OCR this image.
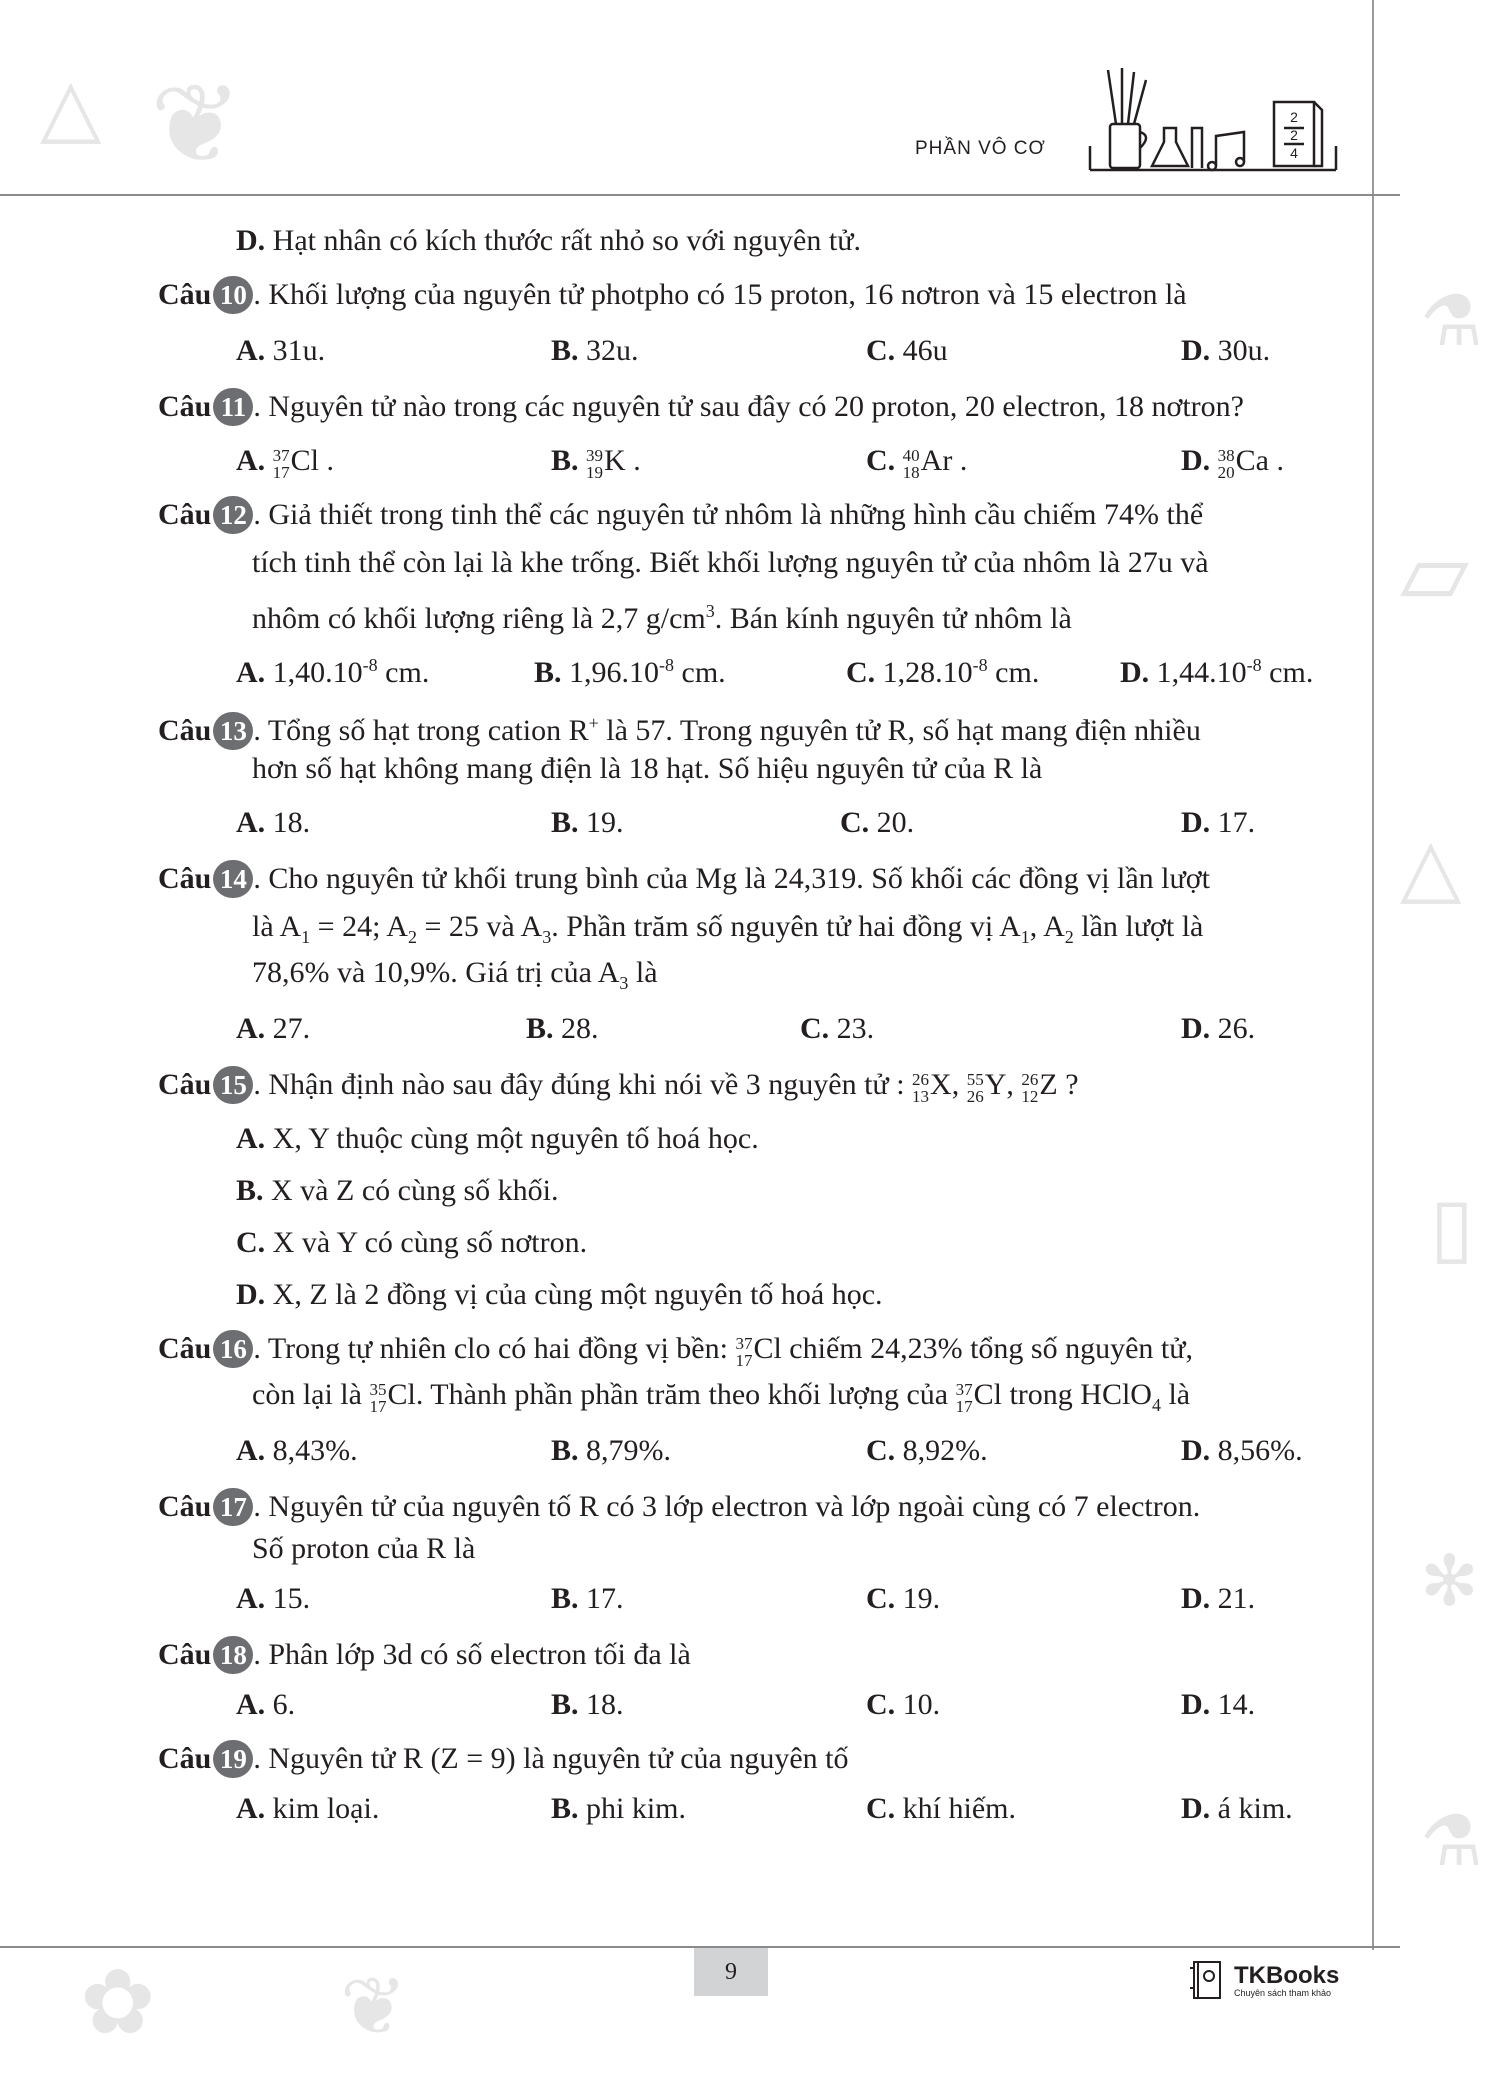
❦
△
⚗
▱
△
▯
✻
⚗
✿ ❦
PHẦN VÔ CƠ
2
2
4
D. Hạt nhân có kích thước rất nhỏ so với nguyên tử.
Câu 10 . Khối lượng của nguyên tử photpho có 15 proton, 16 nơtron và 15 electron là
A. 31u.	B. 32u.	C. 46u	D. 30u.
Câu 11 . Nguyên tử nào trong các nguyên tử sau đây có 20 proton, 20 electron, 18 nơtron?
A. 37
17 Cl .	B. 39
19 K .	C. 40
18 Ar .	D. 38
20 Ca .
Câu 12 . Giả thiết trong tinh thể các nguyên tử nhôm là những hình cầu chiếm 74% thể
tích tinh thể còn lại là khe trống. Biết khối lượng nguyên tử của nhôm là 27u và
nhôm có khối lượng riêng là 2,7 $g/cm^3$. Bán kính nguyên tử nhôm là
A. $1,40.10^{-8}$ cm.	B. $1,96.10^{-8}$ cm.	C. $1,28.10^{-8}$ cm.	D. $1,44.10^{-8}$ cm.
Câu 13 . Tổng số hạt trong cation R+ là 57. Trong nguyên tử R, số hạt mang điện nhiều
hơn số hạt không mang điện là 18 hạt. Số hiệu nguyên tử của R là
A. 18.	B. 19.	C. 20.	D. 17.
Câu 14 . Cho nguyên tử khối trung bình của Mg là 24,319. Số khối các đồng vị lần lượt
là $A_1 = 24$; $A_2 = 25$ và $A_3$. Phần trăm số nguyên tử hai đồng vị $A_1$, $A_2$ lần lượt là
78,6% và 10,9%. Giá trị của $A_3$ là
A. 27.	B. 28.	C. 23.	D. 26.
Câu 15 . Nhận định nào sau đây đúng khi nói về 3 nguyên tử : 26
13 X, 55
26 Y, 26
12 Z ?
A. X, Y thuộc cùng một nguyên tố hoá học.
B. X và Z có cùng số khối.
C. X và Y có cùng số nơtron.
D. X, Z là 2 đồng vị của cùng một nguyên tố hoá học.
Câu 16 . Trong tự nhiên clo có hai đồng vị bền: 37
17 Cl chiếm 24,23% tổng số nguyên tử,
còn lại là 35
17 Cl. Thành phần phần trăm theo khối lượng của 37
17 Cl trong HClO$_4$ là
A. 8,43%.	B. 8,79%.	C. 8,92%.	D. 8,56%.
Câu 17 . Nguyên tử của nguyên tố R có 3 lớp electron và lớp ngoài cùng có 7 electron.
Số proton của R là
A. 15.	B. 17.	C. 19.	D. 21.
Câu 18 . Phân lớp 3d có số electron tối đa là
A. 6.	B. 18.	C. 10.	D. 14.
Câu 19 . Nguyên tử R (Z = 9) là nguyên tử của nguyên tố
A. kim loại.	B. phi kim.	C. khí hiếm.	D. á kim.
9	TKBooks
Chuyên sách tham khảo
